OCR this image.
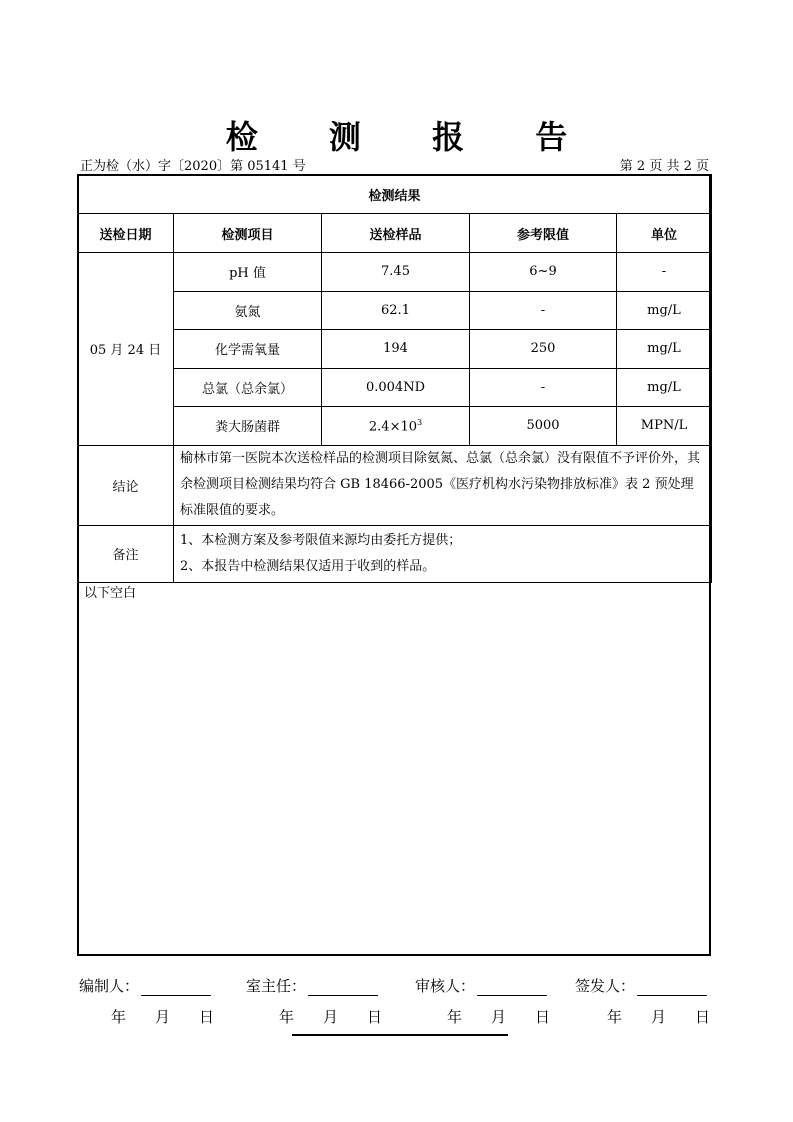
检 测 报 告
正为检（水）字〔2020〕第 05141 号	第 2 页 共 2 页
检测结果				
送检日期	检测项目	送检样品	参考限值	单位
05 月 24 日	pH 值	7.45	6~9	-
	氨氮	62.1	-	mg/L
	化学需氧量	194	250	mg/L
	总氯（总余氯）	0.004ND	-	mg/L
	粪大肠菌群	$2.4\times 10^3$	5000	MPN/L
结论	榆林市第一医院本次送检样品的检测项目除氨氮、总氯（总余氯）没有限值不予评价外，其余检测项目检测结果均符合 GB 18466-2005《医疗机构水污染物排放标准》表 2 预处理标准限值的要求。			
备注	1、本检测方案及参考限值来源均由委托方提供；
2、本报告中检测结果仅适用于收到的样品。			
以下空白
编制人：	室主任：	审核人：	签发人：
年 月 日	年 月 日	年 月 日	年 月 日
